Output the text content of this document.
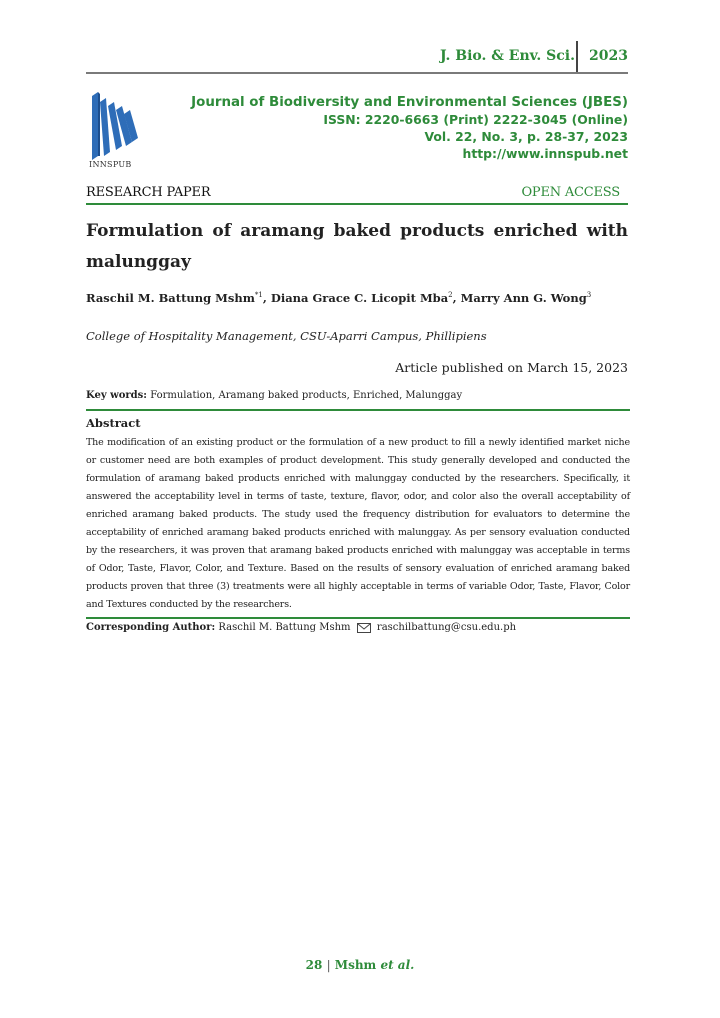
J. Bio. & Env. Sci. 2023
INNSPUB
Journal of Biodiversity and Environmental Sciences (JBES)
ISSN: 2220-6663 (Print) 2222-3045 (Online)
Vol. 22, No. 3, p. 28-37, 2023
http://www.innspub.net
RESEARCH PAPER	OPEN ACCESS
Formulation of aramang baked products enriched with
malunggay
Raschil M. Battung Mshm$^{*1}$, Diana Grace C. Licopit Mba$^2$, Marry Ann G. Wong$^3$
College of Hospitality Management, CSU-Aparri Campus, Phillipiens
Article published on March 15, 2023
Key words: Formulation, Aramang baked products, Enriched, Malunggay
Abstract
The modification of an existing product or the formulation of a new product to fill a newly identified market niche or customer need are both examples of product development. This study generally developed and conducted the formulation of aramang baked products enriched with malunggay conducted by the researchers. Specifically, it answered the acceptability level in terms of taste, texture, flavor, odor, and color also the overall acceptability of enriched aramang baked products. The study used the frequency distribution for evaluators to determine the acceptability of enriched aramang baked products enriched with malunggay. As per sensory evaluation conducted by the researchers, it was proven that aramang baked products enriched with malunggay was acceptable in terms of Odor, Taste, Flavor, Color, and Texture. Based on the results of sensory evaluation of enriched aramang baked products proven that three (3) treatments were all highly acceptable in terms of variable Odor, Taste, Flavor, Color and Textures conducted by the researchers.
Corresponding Author: Raschil M. Battung Mshm	raschilbattung@csu.edu.ph
28 | Mshm et al.
